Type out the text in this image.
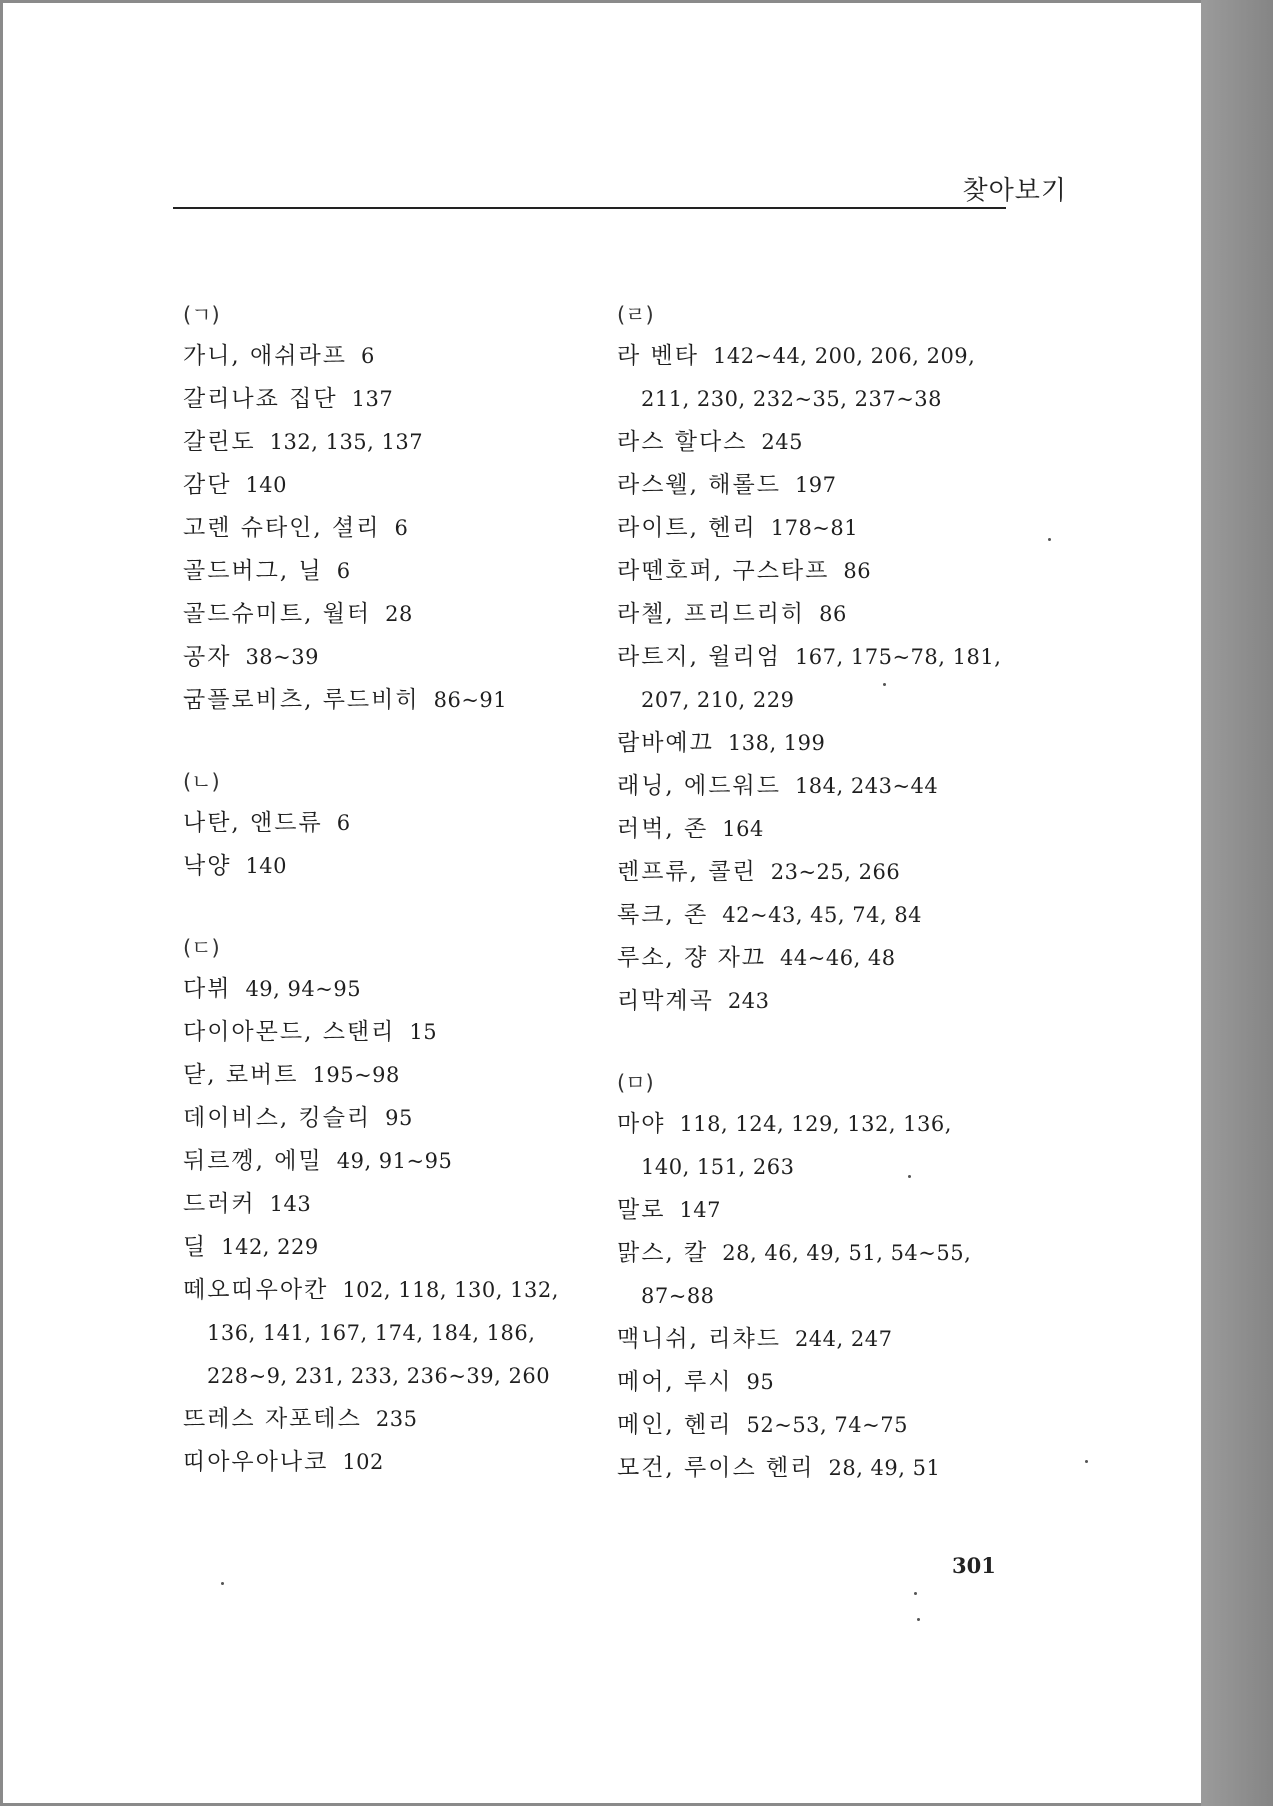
찾아보기
(ㄱ)
가니, 애쉬라프 6
갈리나죠 집단 137
갈린도 132, 135, 137
감단 140
고렌 슈타인, 셜리 6
골드버그, 닐 6
골드슈미트, 월터 28
공자 38~39
굼플로비츠, 루드비히 86~91
(ㄴ)
나탄, 앤드류 6
낙양 140
(ㄷ)
다뷔 49, 94~95
다이아몬드, 스탠리 15
닫, 로버트 195~98
데이비스, 킹슬리 95
뒤르껭, 에밀 49, 91~95
드러커 143
딜 142, 229
떼오띠우아칸 102, 118, 130, 132,
136, 141, 167, 174, 184, 186,
228~9, 231, 233, 236~39, 260
뜨레스 자포테스 235
띠아우아나코 102
(ㄹ)
라 벤타 142~44, 200, 206, 209,
211, 230, 232~35, 237~38
라스 할다스 245
라스웰, 해롤드 197
라이트, 헨리 178~81
라뗀호퍼, 구스타프 86
라첼, 프리드리히 86
라트지, 윌리엄 167, 175~78, 181,
207, 210, 229
람바예끄 138, 199
래닝, 에드워드 184, 243~44
러벅, 존 164
렌프류, 콜린 23~25, 266
록크, 존 42~43, 45, 74, 84
루소, 쟝 자끄 44~46, 48
리막계곡 243
(ㅁ)
마야 118, 124, 129, 132, 136,
140, 151, 263
말로 147
맑스, 칼 28, 46, 49, 51, 54~55,
87~88
맥니쉬, 리챠드 244, 247
메어, 루시 95
메인, 헨리 52~53, 74~75
모건, 루이스 헨리 28, 49, 51
301
